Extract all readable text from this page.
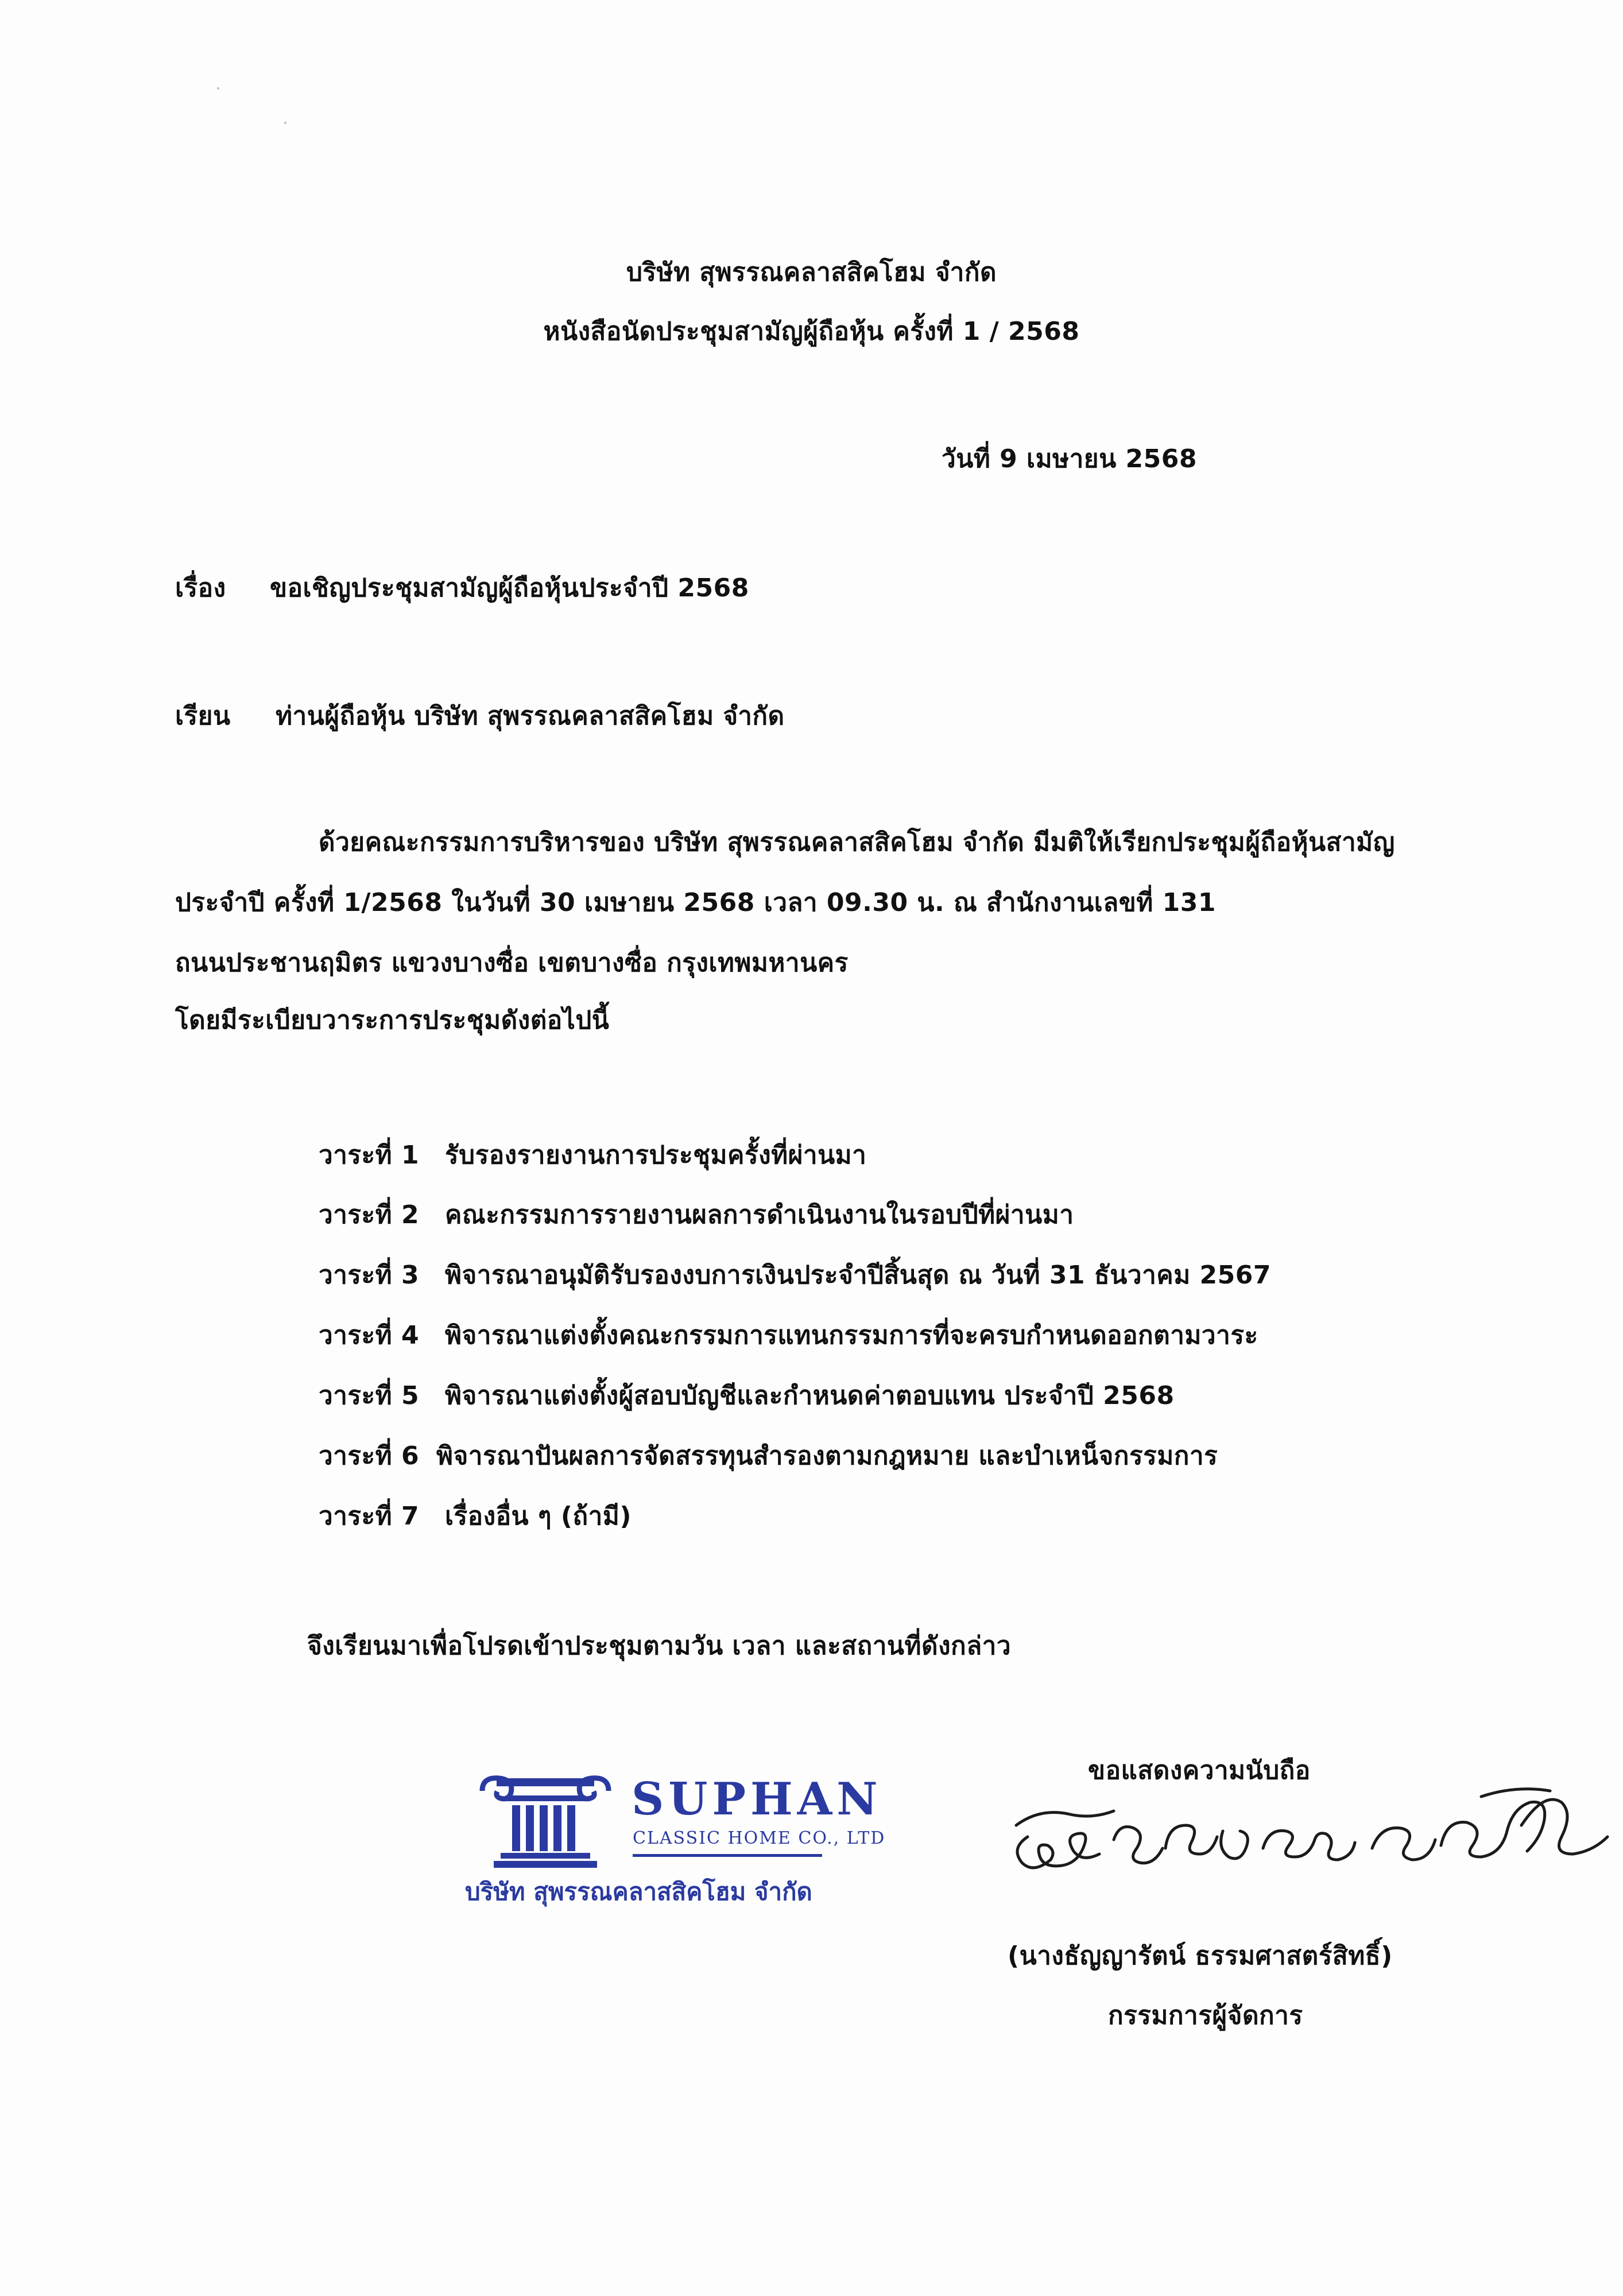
บริษัท สุพรรณคลาสสิคโฮม จำกัด
หนังสือนัดประชุมสามัญผู้ถือหุ้น ครั้งที่ 1 / 2568
วันที่ 9 เมษายน 2568
เรื่อง ขอเชิญประชุมสามัญผู้ถือหุ้นประจำปี 2568
เรียน ท่านผู้ถือหุ้น บริษัท สุพรรณคลาสสิคโฮม จำกัด
ด้วยคณะกรรมการบริหารของ บริษัท สุพรรณคลาสสิคโฮม จำกัด มีมติให้เรียกประชุมผู้ถือหุ้นสามัญ
ประจำปี ครั้งที่ 1/2568 ในวันที่ 30 เมษายน 2568 เวลา 09.30 น. ณ สำนักงานเลขที่ 131
ถนนประชานฤมิตร แขวงบางซื่อ เขตบางซื่อ กรุงเทพมหานคร
โดยมีระเบียบวาระการประชุมดังต่อไปนี้
วาระที่ 1 รับรองรายงานการประชุมครั้งที่ผ่านมา
วาระที่ 2 คณะกรรมการรายงานผลการดำเนินงานในรอบปีที่ผ่านมา
วาระที่ 3 พิจารณาอนุมัติรับรองงบการเงินประจำปีสิ้นสุด ณ วันที่ 31 ธันวาคม 2567
วาระที่ 4 พิจารณาแต่งตั้งคณะกรรมการแทนกรรมการที่จะครบกำหนดออกตามวาระ
วาระที่ 5 พิจารณาแต่งตั้งผู้สอบบัญชีและกำหนดค่าตอบแทน ประจำปี 2568
วาระที่ 6 พิจารณาปันผลการจัดสรรทุนสำรองตามกฎหมาย และบำเหน็จกรรมการ
วาระที่ 7 เรื่องอื่น ๆ (ถ้ามี)
จึงเรียนมาเพื่อโปรดเข้าประชุมตามวัน เวลา และสถานที่ดังกล่าว
ขอแสดงความนับถือ
SUPHAN
CLASSIC HOME CO., LTD
บริษัท สุพรรณคลาสสิคโฮม จำกัด
(นางธัญญารัตน์ ธรรมศาสตร์สิทธิ์)
กรรมการผู้จัดการ
